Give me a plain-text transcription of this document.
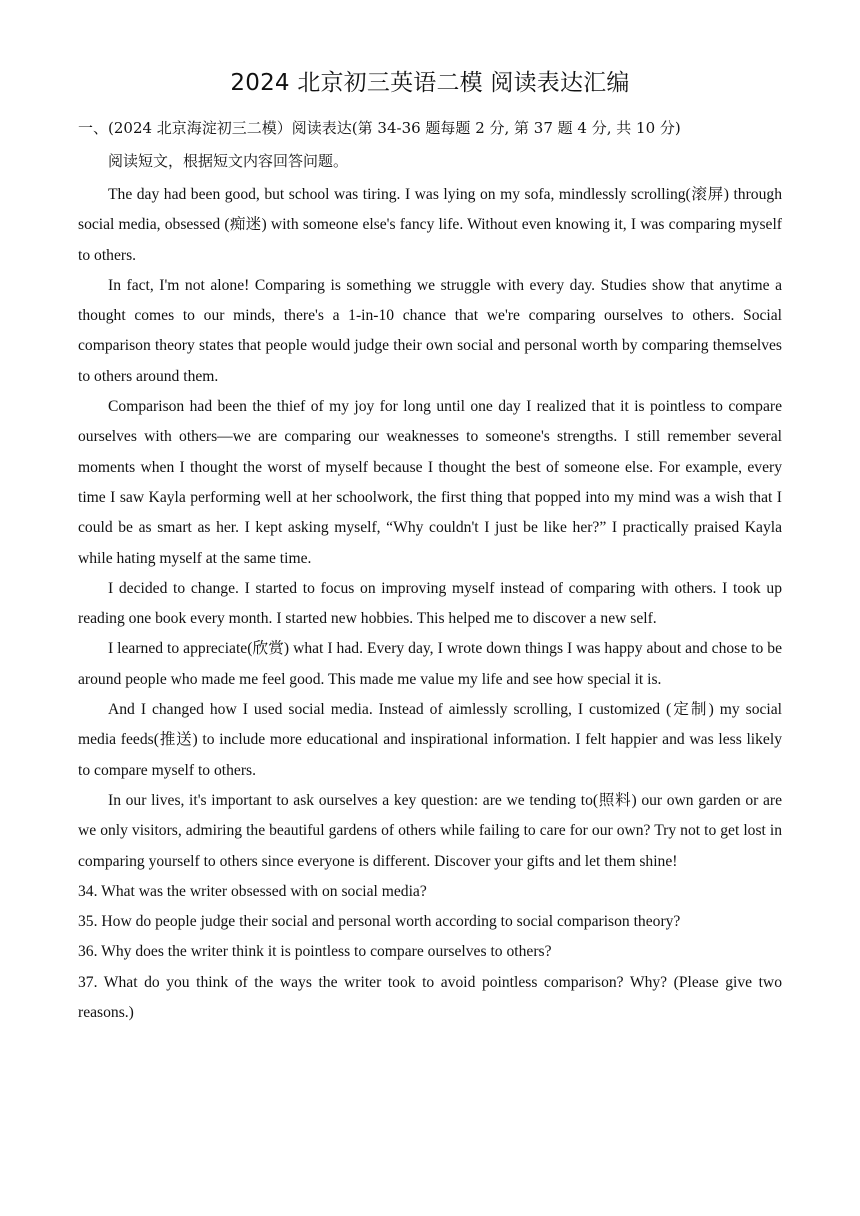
2024 北京初三英语二模 阅读表达汇编
一、(2024 北京海淀初三二模）阅读表达(第 34-36 题每题 2 分, 第 37 题 4 分, 共 10 分)
阅读短文，根据短文内容回答问题。

The day had been good, but school was tiring. I was lying on my sofa, mindlessly scrolling(滚屏) through social media, obsessed (痴迷) with someone else's fancy life. Without even knowing it, I was comparing myself to others.

In fact, I'm not alone! Comparing is something we struggle with every day. Studies show that anytime a thought comes to our minds, there's a 1-in-10 chance that we're comparing ourselves to others. Social comparison theory states that people would judge their own social and personal worth by comparing themselves to others around them.

Comparison had been the thief of my joy for long until one day I realized that it is pointless to compare ourselves with others—we are comparing our weaknesses to someone's strengths. I still remember several moments when I thought the worst of myself because I thought the best of someone else. For example, every time I saw Kayla performing well at her schoolwork, the first thing that popped into my mind was a wish that I could be as smart as her. I kept asking myself, “Why couldn't I just be like her?” I practically praised Kayla while hating myself at the same time.

I decided to change. I started to focus on improving myself instead of comparing with others. I took up reading one book every month. I started new hobbies. This helped me to discover a new self.

I learned to appreciate(欣赏) what I had. Every day, I wrote down things I was happy about and chose to be around people who made me feel good. This made me value my life and see how special it is.

And I changed how I used social media. Instead of aimlessly scrolling, I customized (定制) my social media feeds(推送) to include more educational and inspirational information. I felt happier and was less likely to compare myself to others.

In our lives, it's important to ask ourselves a key question: are we tending to(照料) our own garden or are we only visitors, admiring the beautiful gardens of others while failing to care for our own? Try not to get lost in comparing yourself to others since everyone is different. Discover your gifts and let them shine!

34. What was the writer obsessed with on social media?

35. How do people judge their social and personal worth according to social comparison theory?

36. Why does the writer think it is pointless to compare ourselves to others?

37. What do you think of the ways the writer took to avoid pointless comparison? Why? (Please give two reasons.)
